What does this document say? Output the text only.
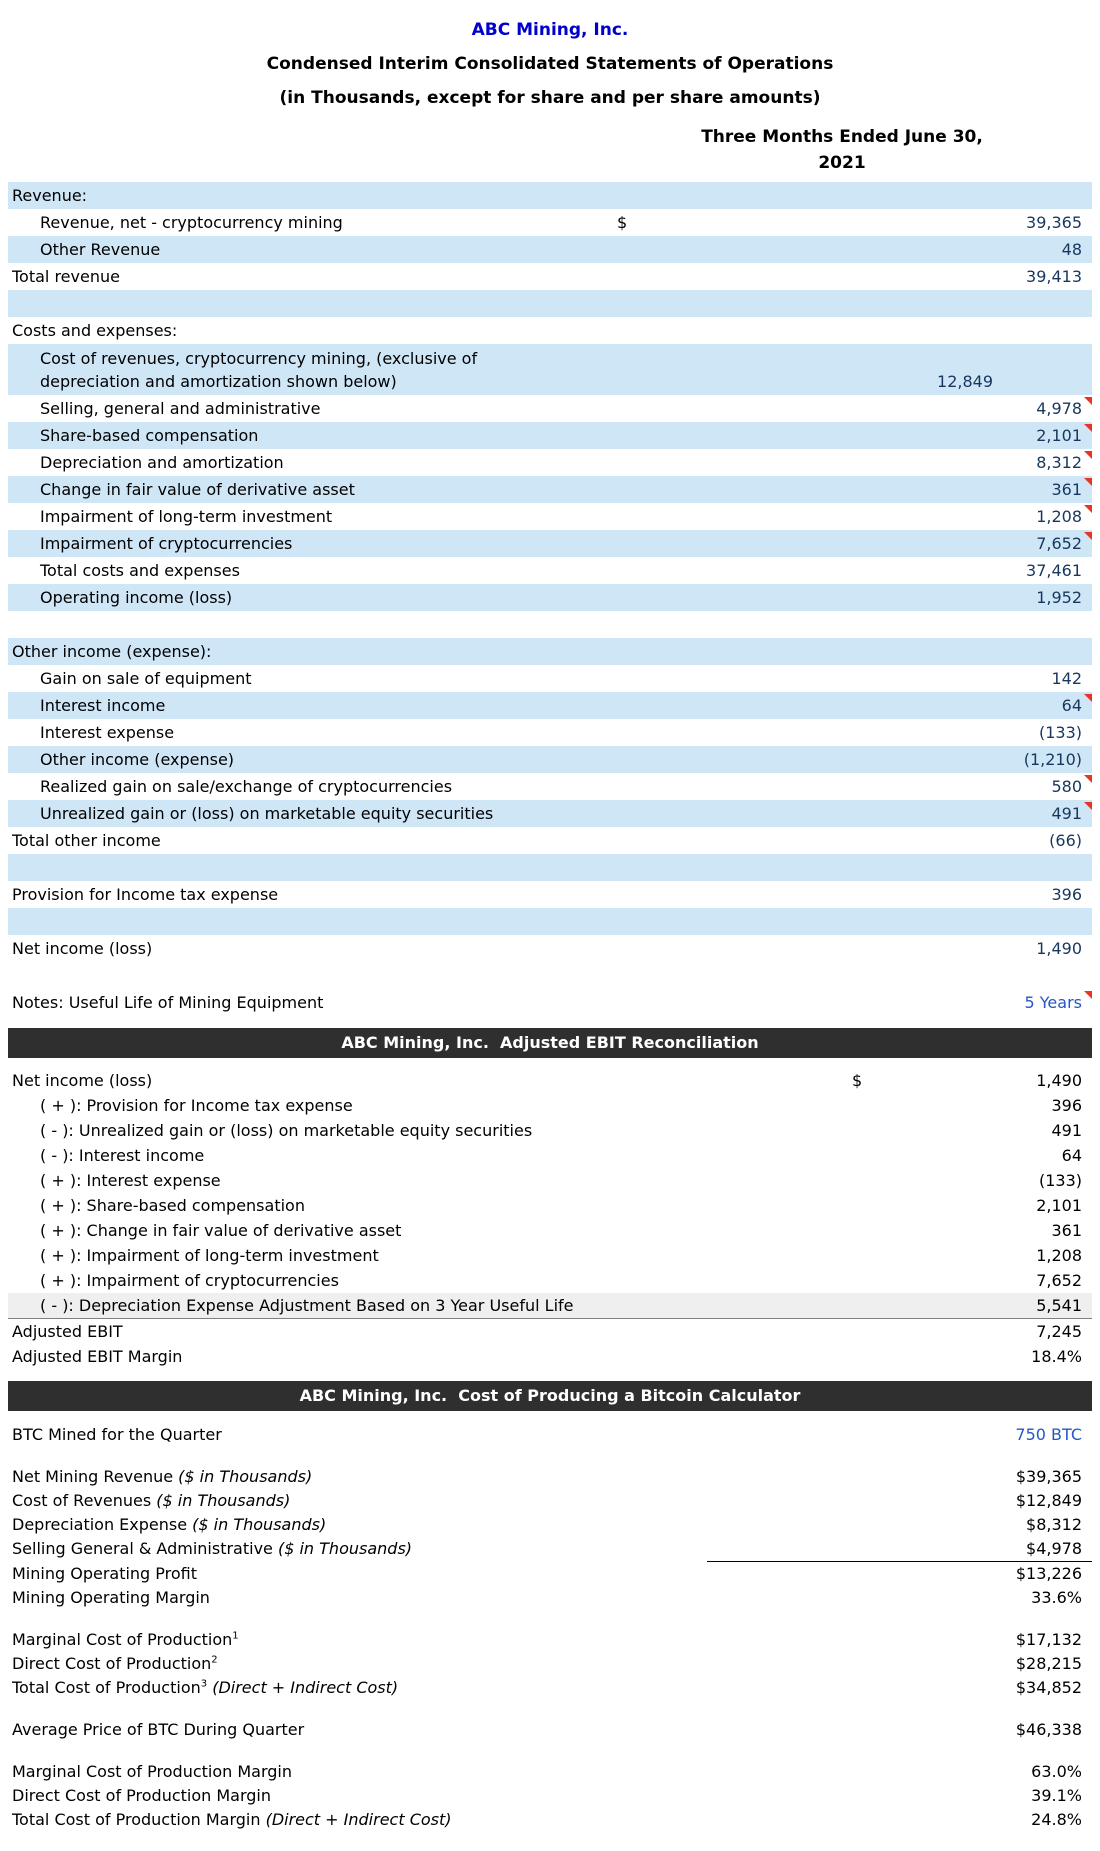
ABC Mining, Inc.
Condensed Interim Consolidated Statements of Operations
(in Thousands, except for share and per share amounts)
Three Months Ended June 30,
2021
Revenue:
Revenue, net - cryptocurrency mining	$	39,365
Other Revenue	48
Total revenue	39,413
Costs and expenses:
Cost of revenues, cryptocurrency mining, (exclusive of depreciation and amortization shown below)	12,849
Selling, general and administrative	4,978
Share-based compensation	2,101
Depreciation and amortization	8,312
Change in fair value of derivative asset	361
Impairment of long-term investment	1,208
Impairment of cryptocurrencies	7,652
Total costs and expenses	37,461
Operating income (loss)	1,952
Other income (expense):
Gain on sale of equipment	142
Interest income	64
Interest expense	(133)
Other income (expense)	(1,210)
Realized gain on sale/exchange of cryptocurrencies	580
Unrealized gain or (loss) on marketable equity securities	491
Total other income	(66)
Provision for Income tax expense	396
Net income (loss)	1,490
Notes: Useful Life of Mining Equipment	5 Years
ABC Mining, Inc.  Adjusted EBIT Reconciliation
Net income (loss)	$	1,490
( + ): Provision for Income tax expense	396
( - ): Unrealized gain or (loss) on marketable equity securities	491
( - ): Interest income	64
( + ): Interest expense	(133)
( + ): Share-based compensation	2,101
( + ): Change in fair value of derivative asset	361
( + ): Impairment of long-term investment	1,208
( + ): Impairment of cryptocurrencies	7,652
( - ): Depreciation Expense Adjustment Based on 3 Year Useful Life	5,541
Adjusted EBIT	7,245
Adjusted EBIT Margin	18.4%
ABC Mining, Inc.  Cost of Producing a Bitcoin Calculator
BTC Mined for the Quarter	750 BTC
Net Mining Revenue ($ in Thousands)	$39,365
Cost of Revenues ($ in Thousands)	$12,849
Depreciation Expense ($ in Thousands)	$8,312
Selling General & Administrative ($ in Thousands)	$4,978
Mining Operating Profit	$13,226
Mining Operating Margin	33.6%
Marginal Cost of Production$^1$	$17,132
Direct Cost of Production$^2$	$28,215
Total Cost of Production$^3$ (Direct + Indirect Cost)	$34,852
Average Price of BTC During Quarter	$46,338
Marginal Cost of Production Margin	63.0%
Direct Cost of Production Margin	39.1%
Total Cost of Production Margin (Direct + Indirect Cost)	24.8%
